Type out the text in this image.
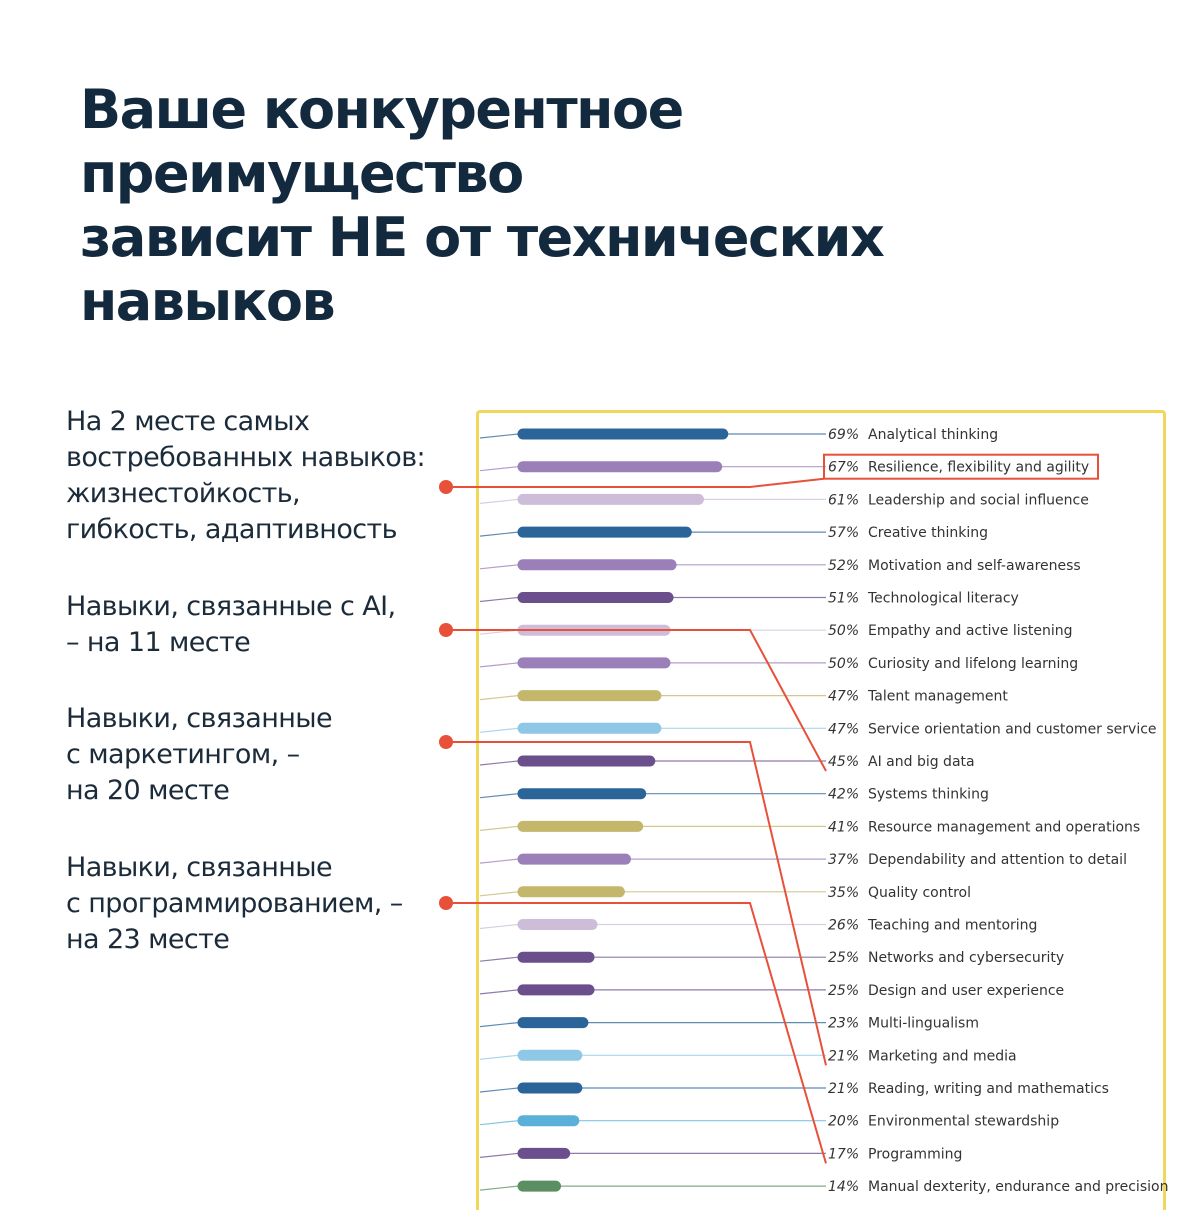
Ваше конкурентное
преимущество
зависит НЕ от технических
навыков
На 2 месте самых
востребованных навыков:
жизнестойкость,
гибкость, адаптивность
Навыки, связанные с AI,
– на 11 месте
Навыки, связанные
с маркетингом, –
на 20 месте
Навыки, связанные
с программированием, –
на 23 месте
69% Analytical thinking
67% Resilience, flexibility and agility
61% Leadership and social influence
57% Creative thinking
52% Motivation and self-awareness
51% Technological literacy
50% Empathy and active listening
50% Curiosity and lifelong learning
47% Talent management
47% Service orientation and customer service
45% AI and big data
42% Systems thinking
41% Resource management and operations
37% Dependability and attention to detail
35% Quality control
26% Teaching and mentoring
25% Networks and cybersecurity
25% Design and user experience
23% Multi-lingualism
21% Marketing and media
21% Reading, writing and mathematics
20% Environmental stewardship
17% Programming
14% Manual dexterity, endurance and precision
